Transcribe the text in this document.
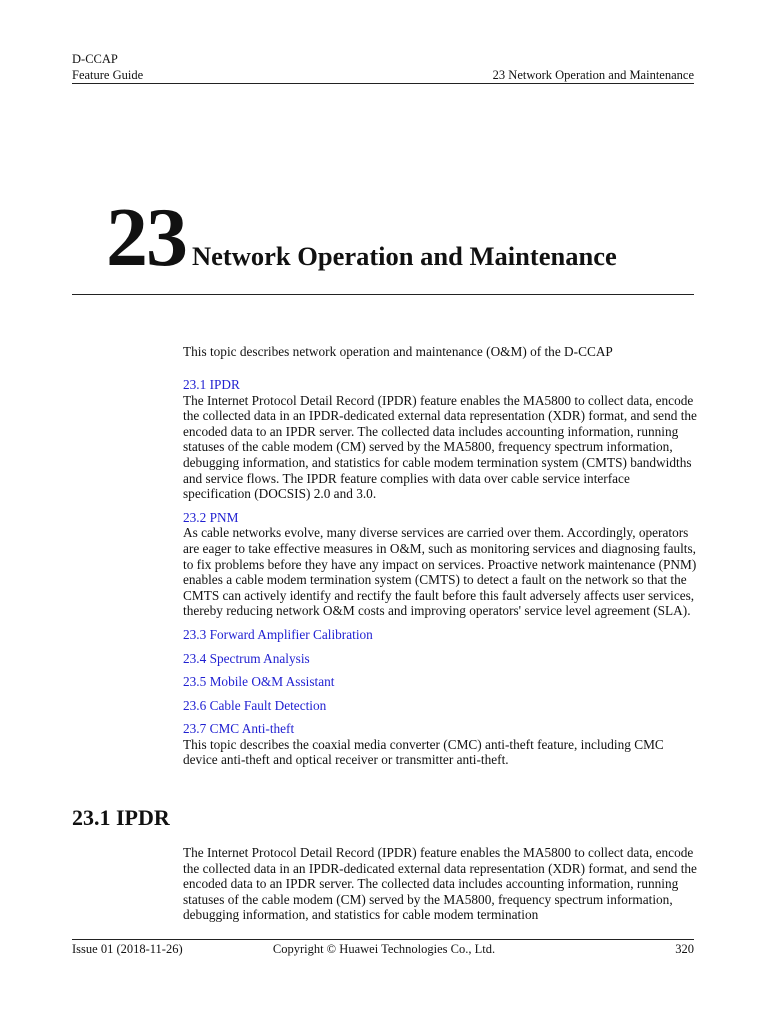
D-CCAP
Feature Guide	23 Network Operation and Maintenance
23 Network Operation and Maintenance
This topic describes network operation and maintenance (O&M) of the D-CCAP
23.1 IPDR
The Internet Protocol Detail Record (IPDR) feature enables the MA5800 to collect data, encode the collected data in an IPDR-dedicated external data representation (XDR) format, and send the encoded data to an IPDR server. The collected data includes accounting information, running statuses of the cable modem (CM) served by the MA5800, frequency spectrum information, debugging information, and statistics for cable modem termination system (CMTS) bandwidths and service flows. The IPDR feature complies with data over cable service interface specification (DOCSIS) 2.0 and 3.0.
23.2 PNM
As cable networks evolve, many diverse services are carried over them. Accordingly, operators are eager to take effective measures in O&M, such as monitoring services and diagnosing faults, to fix problems before they have any impact on services. Proactive network maintenance (PNM) enables a cable modem termination system (CMTS) to detect a fault on the network so that the CMTS can actively identify and rectify the fault before this fault adversely affects user services, thereby reducing network O&M costs and improving operators' service level agreement (SLA).
23.3 Forward Amplifier Calibration
23.4 Spectrum Analysis
23.5 Mobile O&M Assistant
23.6 Cable Fault Detection
23.7 CMC Anti-theft
This topic describes the coaxial media converter (CMC) anti-theft feature, including CMC device anti-theft and optical receiver or transmitter anti-theft.
23.1 IPDR
The Internet Protocol Detail Record (IPDR) feature enables the MA5800 to collect data, encode the collected data in an IPDR-dedicated external data representation (XDR) format, and send the encoded data to an IPDR server. The collected data includes accounting information, running statuses of the cable modem (CM) served by the MA5800, frequency spectrum information, debugging information, and statistics for cable modem termination
Issue 01 (2018-11-26)	Copyright © Huawei Technologies Co., Ltd.	320
